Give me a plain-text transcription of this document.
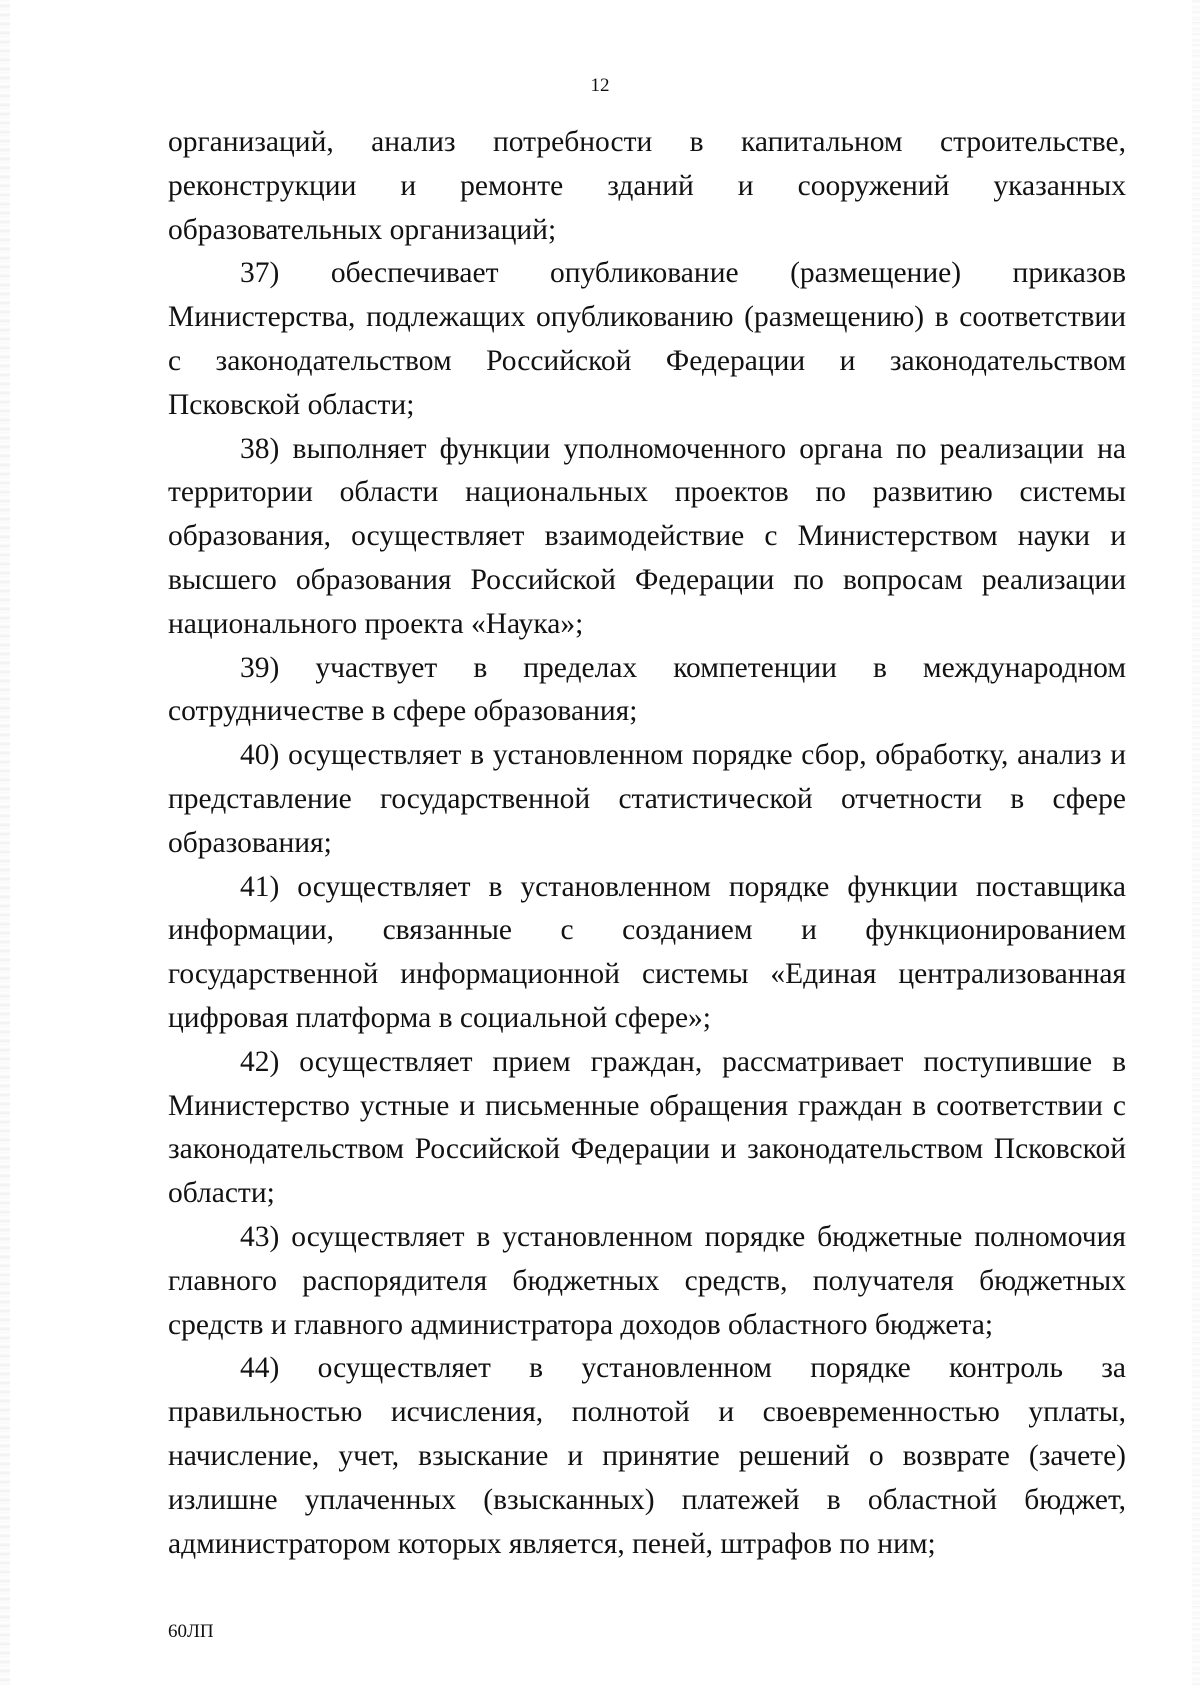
12

организаций, анализ потребности в капитальном строительстве, реконструкции и ремонте зданий и сооружений указанных образовательных организаций;

37) обеспечивает опубликование (размещение) приказов Министерства, подлежащих опубликованию (размещению) в соответствии с законодательством Российской Федерации и законодательством Псковской области;

38) выполняет функции уполномоченного органа по реализации на территории области национальных проектов по развитию системы образования, осуществляет взаимодействие с Министерством науки и высшего образования Российской Федерации по вопросам реализации национального проекта «Наука»;

39) участвует в пределах компетенции в международном сотрудничестве в сфере образования;

40) осуществляет в установленном порядке сбор, обработку, анализ и представление государственной статистической отчетности в сфере образования;

41) осуществляет в установленном порядке функции поставщика информации, связанные с созданием и функционированием государственной информационной системы «Единая централизованная цифровая платформа в социальной сфере»;

42) осуществляет прием граждан, рассматривает поступившие в Министерство устные и письменные обращения граждан в соответствии с законодательством Российской Федерации и законодательством Псковской области;

43) осуществляет в установленном порядке бюджетные полномочия главного распорядителя бюджетных средств, получателя бюджетных средств и главного администратора доходов областного бюджета;

44) осуществляет в установленном порядке контроль за правильностью исчисления, полнотой и своевременностью уплаты, начисление, учет, взыскание и принятие решений о возврате (зачете) излишне уплаченных (взысканных) платежей в областной бюджет, администратором которых является, пеней, штрафов по ним;

60ЛП
